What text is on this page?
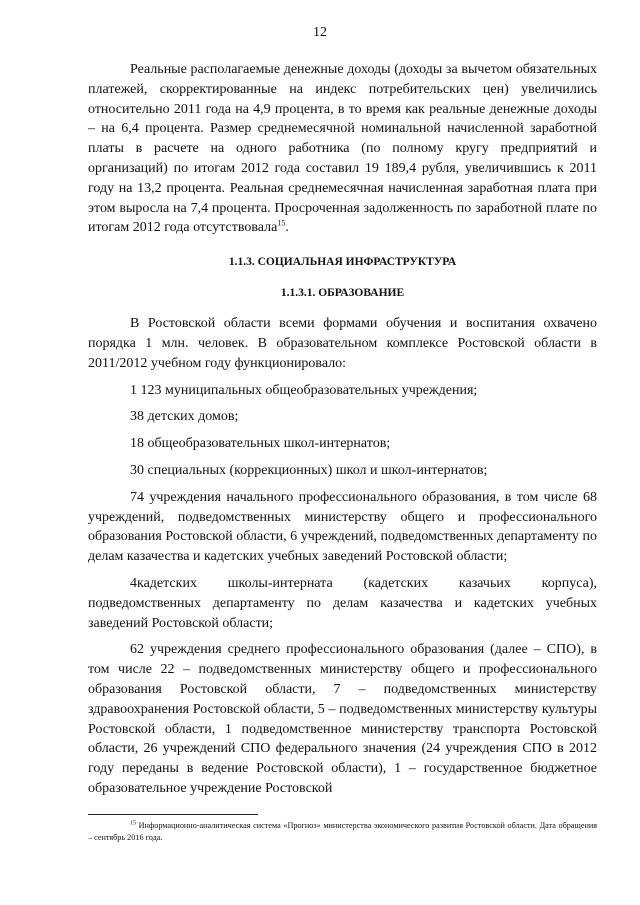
12

Реальные располагаемые денежные доходы (доходы за вычетом обязательных платежей, скорректированные на индекс потребительских цен) увеличились относительно 2011 года на 4,9 процента, в то время как реальные денежные доходы – на 6,4 процента. Размер среднемесячной номинальной начисленной заработной платы в расчете на одного работника (по полному кругу предприятий и организаций) по итогам 2012 года составил 19 189,4 рубля, увеличившись к 2011 году на 13,2 процента. Реальная среднемесячная начисленная заработная плата при этом выросла на 7,4 процента. Просроченная задолженность по заработной плате по итогам 2012 года отсутствовала$^{15}$.

1.1.3. СОЦИАЛЬНАЯ ИНФРАСТРУКТУРА
1.1.3.1. ОБРАЗОВАНИЕ

В Ростовской области всеми формами обучения и воспитания охвачено порядка 1 млн. человек. В образовательном комплексе Ростовской области в 2011/2012 учебном году функционировало:

1 123 муниципальных общеобразовательных учреждения;

38 детских домов;

18 общеобразовательных школ-интернатов;

30 специальных (коррекционных) школ и школ-интернатов;

74 учреждения начального профессионального образования, в том числе 68 учреждений, подведомственных министерству общего и профессионального образования Ростовской области, 6 учреждений, подведомственных департаменту по делам казачества и кадетских учебных заведений Ростовской области;

4кадетских школы-интерната (кадетских казачьих корпуса), подведомственных департаменту по делам казачества и кадетских учебных заведений Ростовской области;

62 учреждения среднего профессионального образования (далее – СПО), в том числе 22 – подведомственных министерству общего и профессионального образования Ростовской области, 7 – подведомственных министерству здравоохранения Ростовской области, 5 – подведомственных министерству культуры Ростовской области, 1 подведомственное министерству транспорта Ростовской области, 26 учреждений СПО федерального значения (24 учреждения СПО в 2012 году переданы в ведение Ростовской области), 1 – государственное бюджетное образовательное учреждение Ростовской

$^{15}$ Информационно-аналитическая система «Прогноз» министерства экономического развития Ростовской области. Дата обращения – сентябрь 2016 года.
